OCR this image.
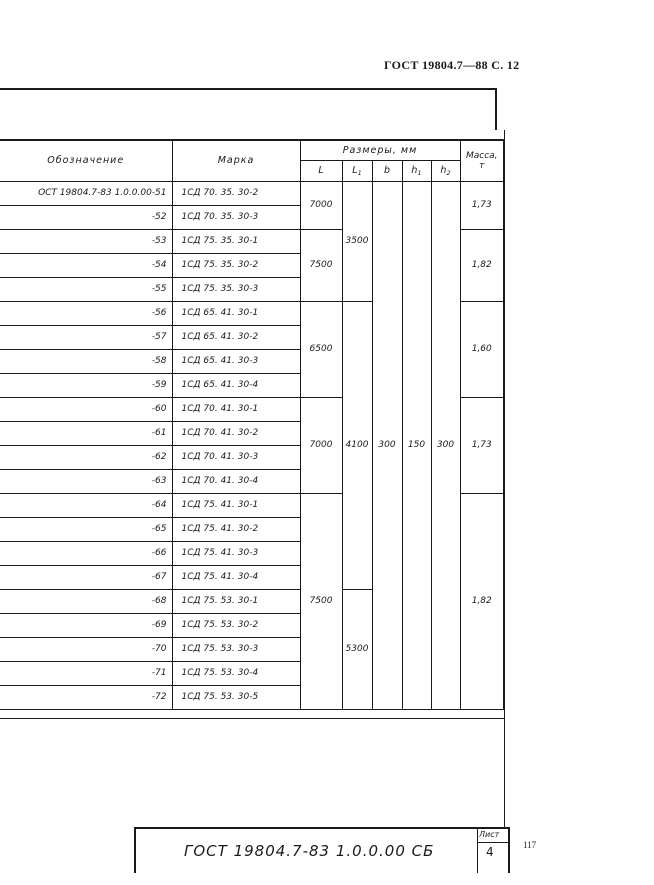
ГОСТ 19804.7—88 С. 12
Обозначение	Марка	Размеры, мм					Масса,
т

		L	$L_1$	b	$h_1$	$h_2$
ОСТ 19804.7-83 1.0.0.00-51	1СД 70. 35. 30-2	7000	3500	300	150	300	1,73
-52	1СД 70. 35. 30-3						
-53	1СД 75. 35. 30-1	7500					1,82
-54	1СД 75. 35. 30-2						
-55	1СД 75. 35. 30-3						
-56	1СД 65. 41. 30-1	6500	4100				1,60
-57	1СД 65. 41. 30-2						
-58	1СД 65. 41. 30-3						
-59	1СД 65. 41. 30-4						
-60	1СД 70. 41. 30-1	7000					1,73
-61	1СД 70. 41. 30-2						
-62	1СД 70. 41. 30-3						
-63	1СД 70. 41. 30-4						
-64	1СД 75. 41. 30-1	7500					1,82
-65	1СД 75. 41. 30-2						
-66	1СД 75. 41. 30-3						
-67	1СД 75. 41. 30-4						
-68	1СД 75. 53. 30-1		5300				
-69	1СД 75. 53. 30-2						
-70	1СД 75. 53. 30-3						
-71	1СД 75. 53. 30-4						
-72	1СД 75. 53. 30-5						
ГОСТ 19804.7-83 1.0.0.00 СБ
Лист
4	117
